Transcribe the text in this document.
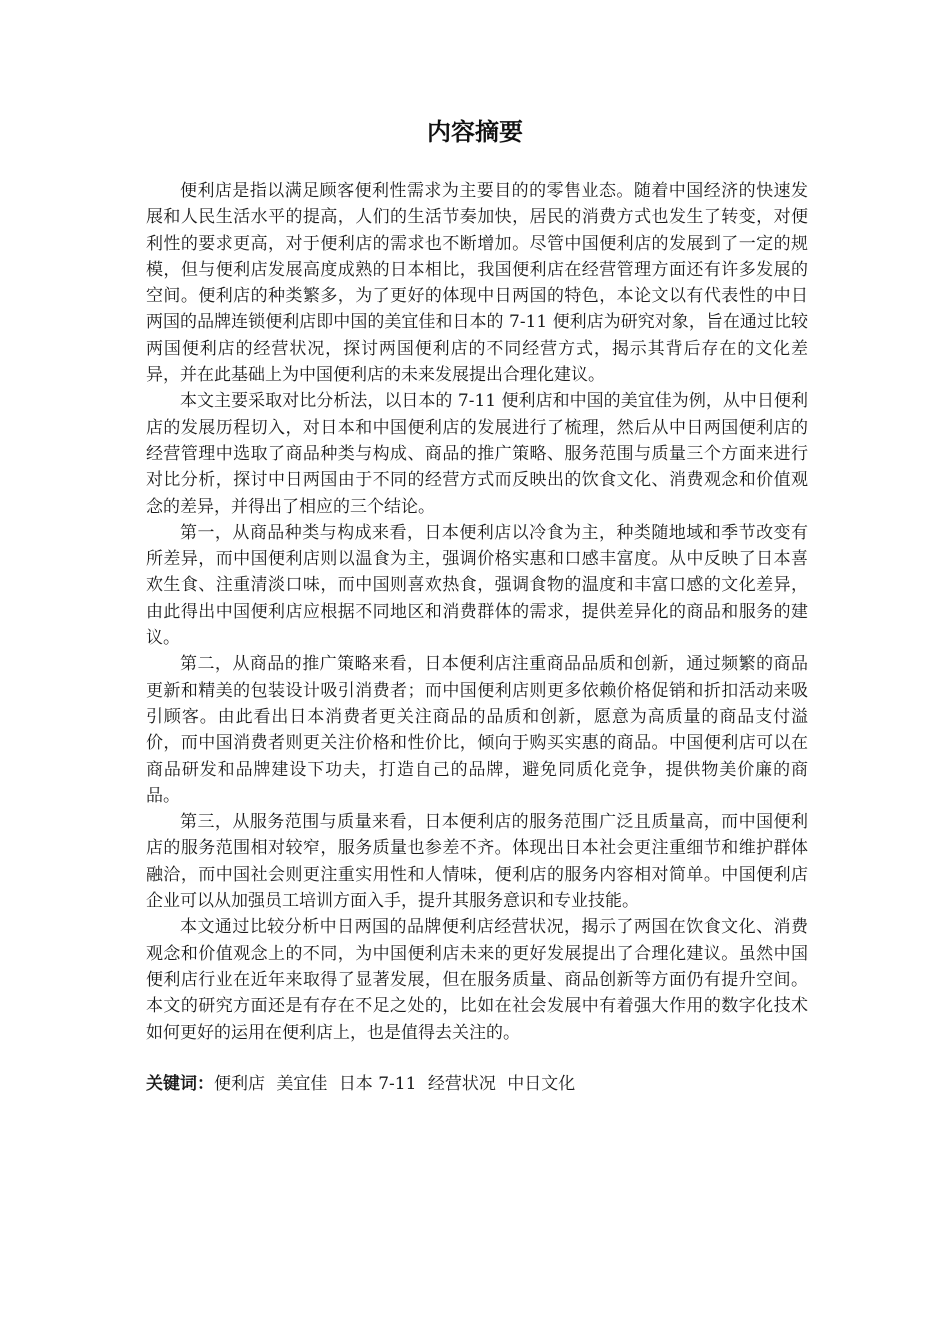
内容摘要

便利店是指以满足顾客便利性需求为主要目的的零售业态。随着中国经济的快速发展和人民生活水平的提高，人们的生活节奏加快，居民的消费方式也发生了转变，对便利性的要求更高，对于便利店的需求也不断增加。尽管中国便利店的发展到了一定的规模，但与便利店发展高度成熟的日本相比，我国便利店在经营管理方面还有许多发展的空间。便利店的种类繁多，为了更好的体现中日两国的特色，本论文以有代表性的中日两国的品牌连锁便利店即中国的美宜佳和日本的 7-11 便利店为研究对象，旨在通过比较两国便利店的经营状况，探讨两国便利店的不同经营方式，揭示其背后存在的文化差异，并在此基础上为中国便利店的未来发展提出合理化建议。

本文主要采取对比分析法，以日本的 7-11 便利店和中国的美宜佳为例，从中日便利店的发展历程切入，对日本和中国便利店的发展进行了梳理，然后从中日两国便利店的经营管理中选取了商品种类与构成、商品的推广策略、服务范围与质量三个方面来进行对比分析，探讨中日两国由于不同的经营方式而反映出的饮食文化、消费观念和价值观念的差异，并得出了相应的三个结论。

第一，从商品种类与构成来看，日本便利店以冷食为主，种类随地域和季节改变有所差异，而中国便利店则以温食为主，强调价格实惠和口感丰富度。从中反映了日本喜欢生食、注重清淡口味，而中国则喜欢热食，强调食物的温度和丰富口感的文化差异，由此得出中国便利店应根据不同地区和消费群体的需求，提供差异化的商品和服务的建议。

第二，从商品的推广策略来看，日本便利店注重商品品质和创新，通过频繁的商品更新和精美的包装设计吸引消费者；而中国便利店则更多依赖价格促销和折扣活动来吸引顾客。由此看出日本消费者更关注商品的品质和创新，愿意为高质量的商品支付溢价，而中国消费者则更关注价格和性价比，倾向于购买实惠的商品。中国便利店可以在商品研发和品牌建设下功夫，打造自己的品牌，避免同质化竞争，提供物美价廉的商品。

第三，从服务范围与质量来看，日本便利店的服务范围广泛且质量高，而中国便利店的服务范围相对较窄，服务质量也参差不齐。体现出日本社会更注重细节和维护群体融洽，而中国社会则更注重实用性和人情味，便利店的服务内容相对简单。中国便利店企业可以从加强员工培训方面入手，提升其服务意识和专业技能。

本文通过比较分析中日两国的品牌便利店经营状况，揭示了两国在饮食文化、消费观念和价值观念上的不同，为中国便利店未来的更好发展提出了合理化建议。虽然中国便利店行业在近年来取得了显著发展，但在服务质量、商品创新等方面仍有提升空间。本文的研究方面还是有存在不足之处的，比如在社会发展中有着强大作用的数字化技术如何更好的运用在便利店上，也是值得去关注的。

关键词：便利店 美宜佳 日本 7-11 经营状况 中日文化
